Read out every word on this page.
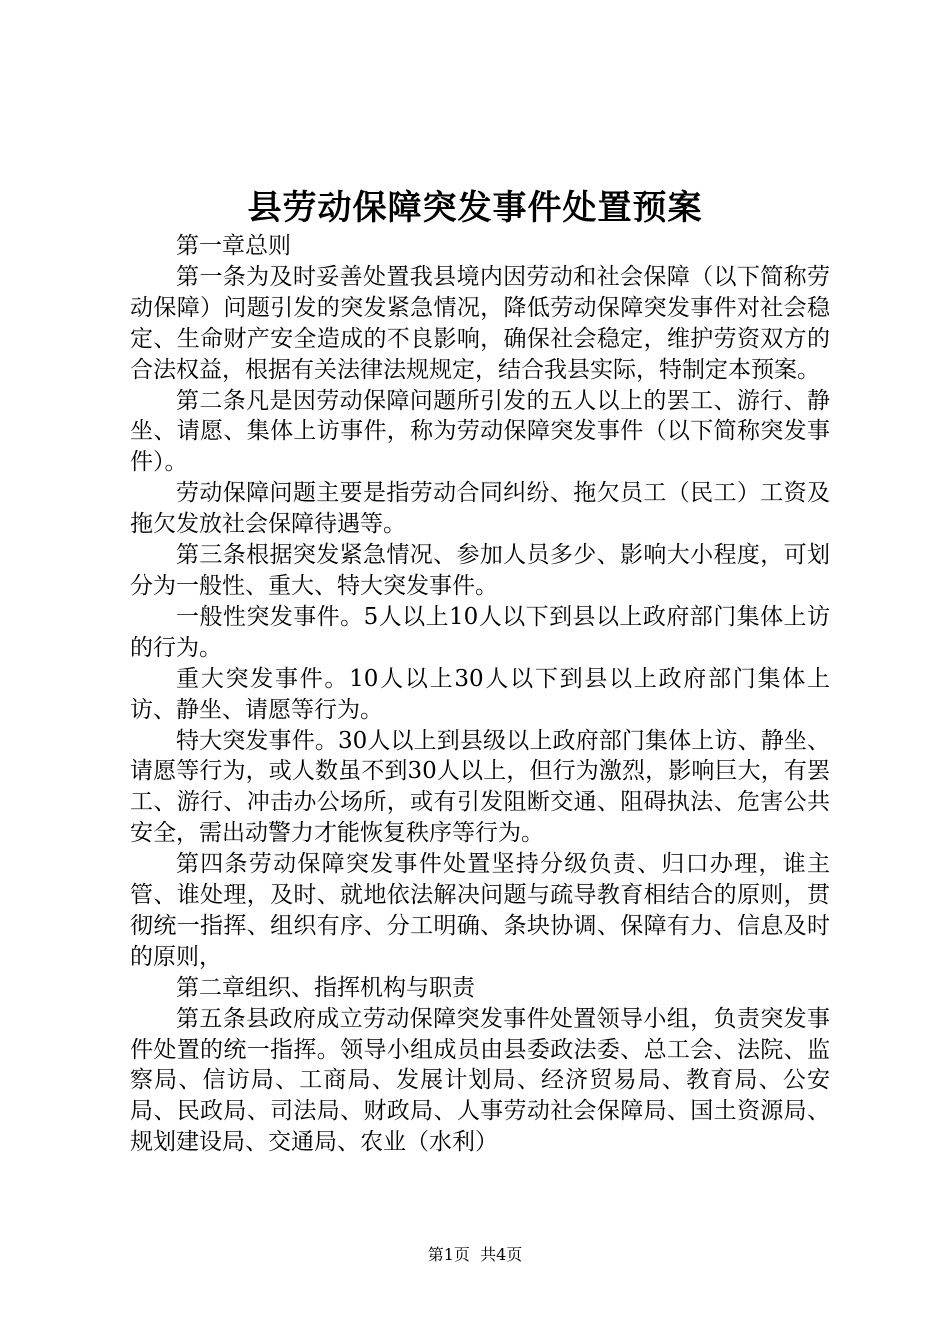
县劳动保障突发事件处置预案

第一章总则

第一条为及时妥善处置我县境内因劳动和社会保障（以下简称劳动保障）问题引发的突发紧急情况，降低劳动保障突发事件对社会稳定、生命财产安全造成的不良影响，确保社会稳定，维护劳资双方的合法权益，根据有关法律法规规定，结合我县实际，特制定本预案。

第二条凡是因劳动保障问题所引发的五人以上的罢工、游行、静坐、请愿、集体上访事件，称为劳动保障突发事件（以下简称突发事件）。

劳动保障问题主要是指劳动合同纠纷、拖欠员工（民工）工资及拖欠发放社会保障待遇等。

第三条根据突发紧急情况、参加人员多少、影响大小程度，可划分为一般性、重大、特大突发事件。

一般性突发事件。5人以上10人以下到县以上政府部门集体上访的行为。

重大突发事件。10人以上30人以下到县以上政府部门集体上访、静坐、请愿等行为。

特大突发事件。30人以上到县级以上政府部门集体上访、静坐、请愿等行为，或人数虽不到30人以上，但行为激烈，影响巨大，有罢工、游行、冲击办公场所，或有引发阻断交通、阻碍执法、危害公共安全，需出动警力才能恢复秩序等行为。

第四条劳动保障突发事件处置坚持分级负责、归口办理，谁主管、谁处理，及时、就地依法解决问题与疏导教育相结合的原则，贯彻统一指挥、组织有序、分工明确、条块协调、保障有力、信息及时的原则，

第二章组织、指挥机构与职责

第五条县政府成立劳动保障突发事件处置领导小组，负责突发事件处置的统一指挥。领导小组成员由县委政法委、总工会、法院、监察局、信访局、工商局、发展计划局、经济贸易局、教育局、公安局、民政局、司法局、财政局、人事劳动社会保障局、国土资源局、规划建设局、交通局、农业（水利）

第1页 共4页
